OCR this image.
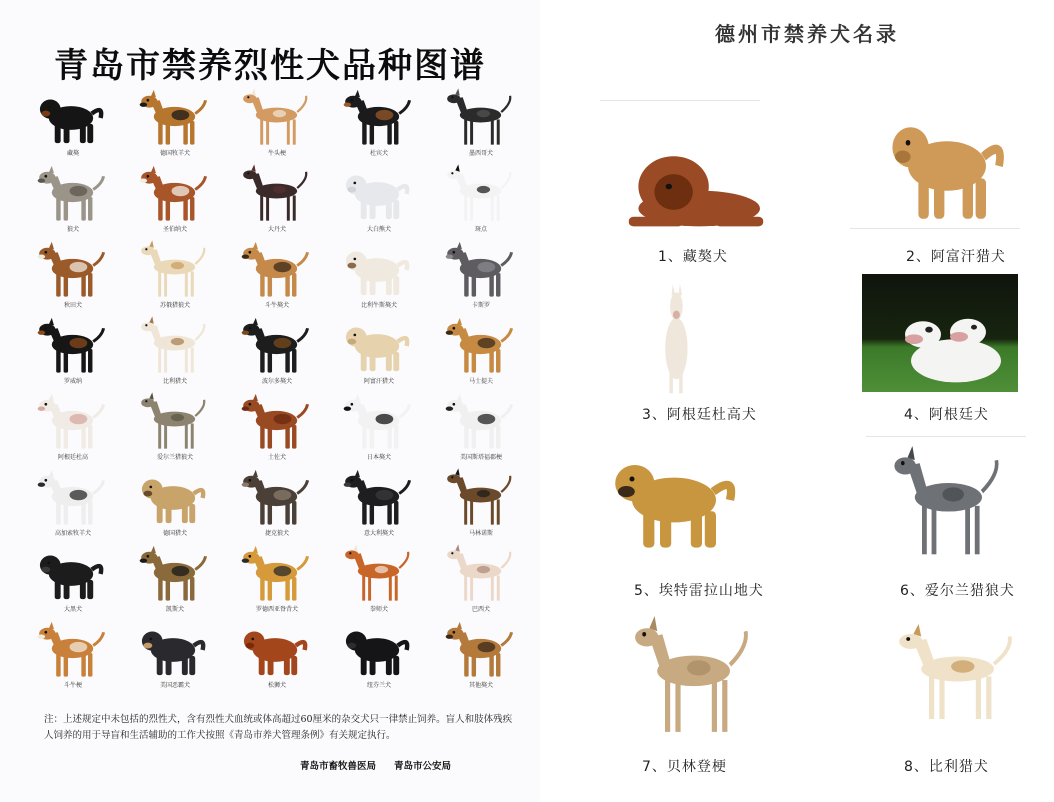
青岛市禁养烈性犬品种图谱
藏獒	德国牧羊犬	牛头梗	杜宾犬	墨西哥犬
狼犬	圣伯纳犬	大丹犬	大白熊犬	斑点
秋田犬	苏俄猎狼犬	斗牛獒犬	比利牛斯獒犬	卡斯罗
罗威纳	比利猎犬	波尔多獒犬	阿富汗猎犬	马士提夫
阿根廷杜高	爱尔兰猎狼犬	土佐犬	日本獒犬	美国斯塔福郡梗
高加索牧羊犬	德国猎犬	捷克狼犬	意大利獒犬	马林诺斯
大黑犬	凯斯犬	罗德西亚脊背犬	拳师犬	巴西犬
斗牛梗	美国恶霸犬	松狮犬	纽芬兰犬	其他獒犬

注：上述规定中未包括的烈性犬，含有烈性犬血统或体高超过60厘米的杂交犬只一律禁止饲养。盲人和肢体残疾人饲养的用于导盲和生活辅助的工作犬按照《青岛市养犬管理条例》有关规定执行。

青岛市畜牧兽医局 青岛市公安局
德州市禁养犬名录
1、藏獒犬	2、阿富汗猎犬
3、阿根廷杜高犬	4、阿根廷犬
5、埃特雷拉山地犬	6、爱尔兰猎狼犬
7、贝林登梗	8、比利猎犬
